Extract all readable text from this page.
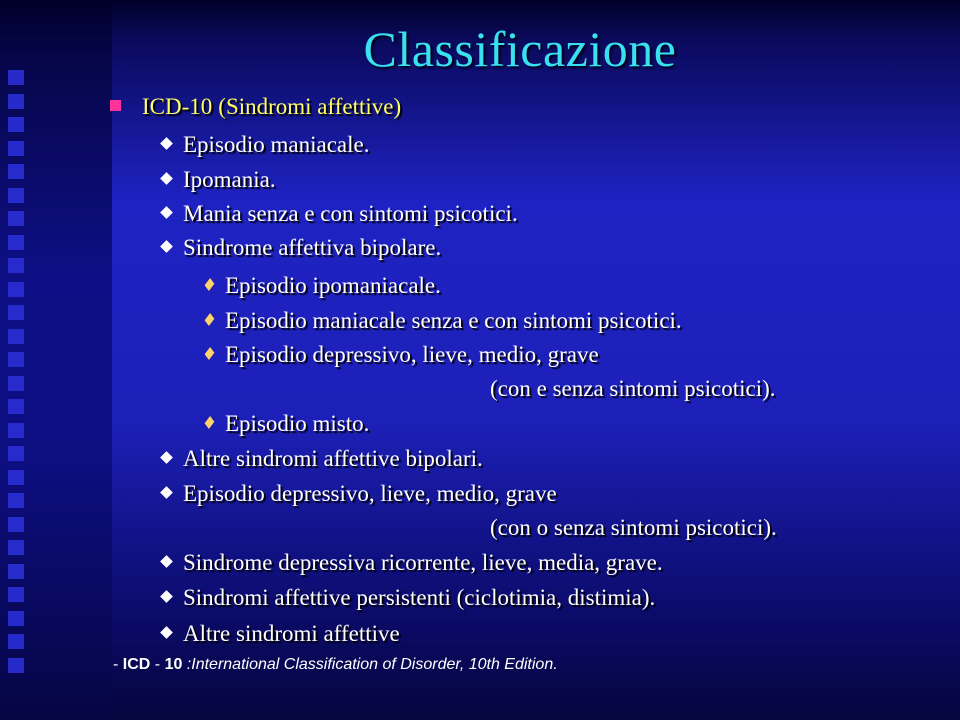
Classificazione
ICD-10 (Sindromi affettive)
Episodio maniacale.
Ipomania.
Mania senza e con sintomi psicotici.
Sindrome affettiva bipolare.
Episodio ipomaniacale.
Episodio maniacale senza e con sintomi psicotici.
Episodio depressivo, lieve, medio, grave
(con e senza sintomi psicotici).
Episodio misto.
Altre sindromi affettive bipolari.
Episodio depressivo, lieve, medio, grave
(con o senza sintomi psicotici).
Sindrome depressiva ricorrente, lieve, media, grave.
Sindromi affettive persistenti (ciclotimia, distimia).
Altre sindromi affettive
- ICD - 10 :International Classification of Disorder, 10th Edition.
